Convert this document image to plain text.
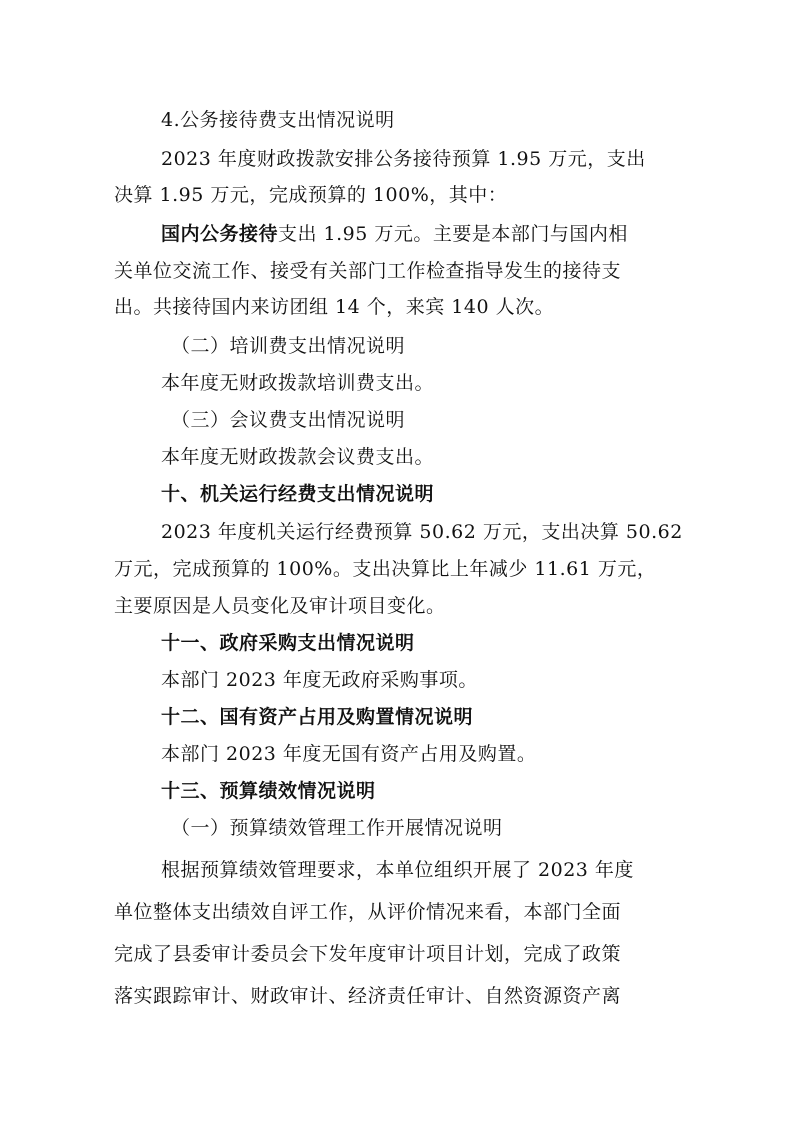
4.公务接待费支出情况说明
2023 年度财政拨款安排公务接待预算 1.95 万元，支出
决算 1.95 万元，完成预算的 100%，其中：
国内公务接待支出 1.95 万元。主要是本部门与国内相
关单位交流工作、接受有关部门工作检查指导发生的接待支
出。共接待国内来访团组 14 个，来宾 140 人次。
（二）培训费支出情况说明
本年度无财政拨款培训费支出。
（三）会议费支出情况说明
本年度无财政拨款会议费支出。
十、机关运行经费支出情况说明
2023 年度机关运行经费预算 50.62 万元，支出决算 50.62
万元，完成预算的 100%。支出决算比上年减少 11.61 万元，
主要原因是人员变化及审计项目变化。
十一、政府采购支出情况说明
本部门 2023 年度无政府采购事项。
十二、国有资产占用及购置情况说明
本部门 2023 年度无国有资产占用及购置。
十三、预算绩效情况说明
（一）预算绩效管理工作开展情况说明
根据预算绩效管理要求，本单位组织开展了 2023 年度
单位整体支出绩效自评工作，从评价情况来看，本部门全面
完成了县委审计委员会下发年度审计项目计划，完成了政策
落实跟踪审计、财政审计、经济责任审计、自然资源资产离
